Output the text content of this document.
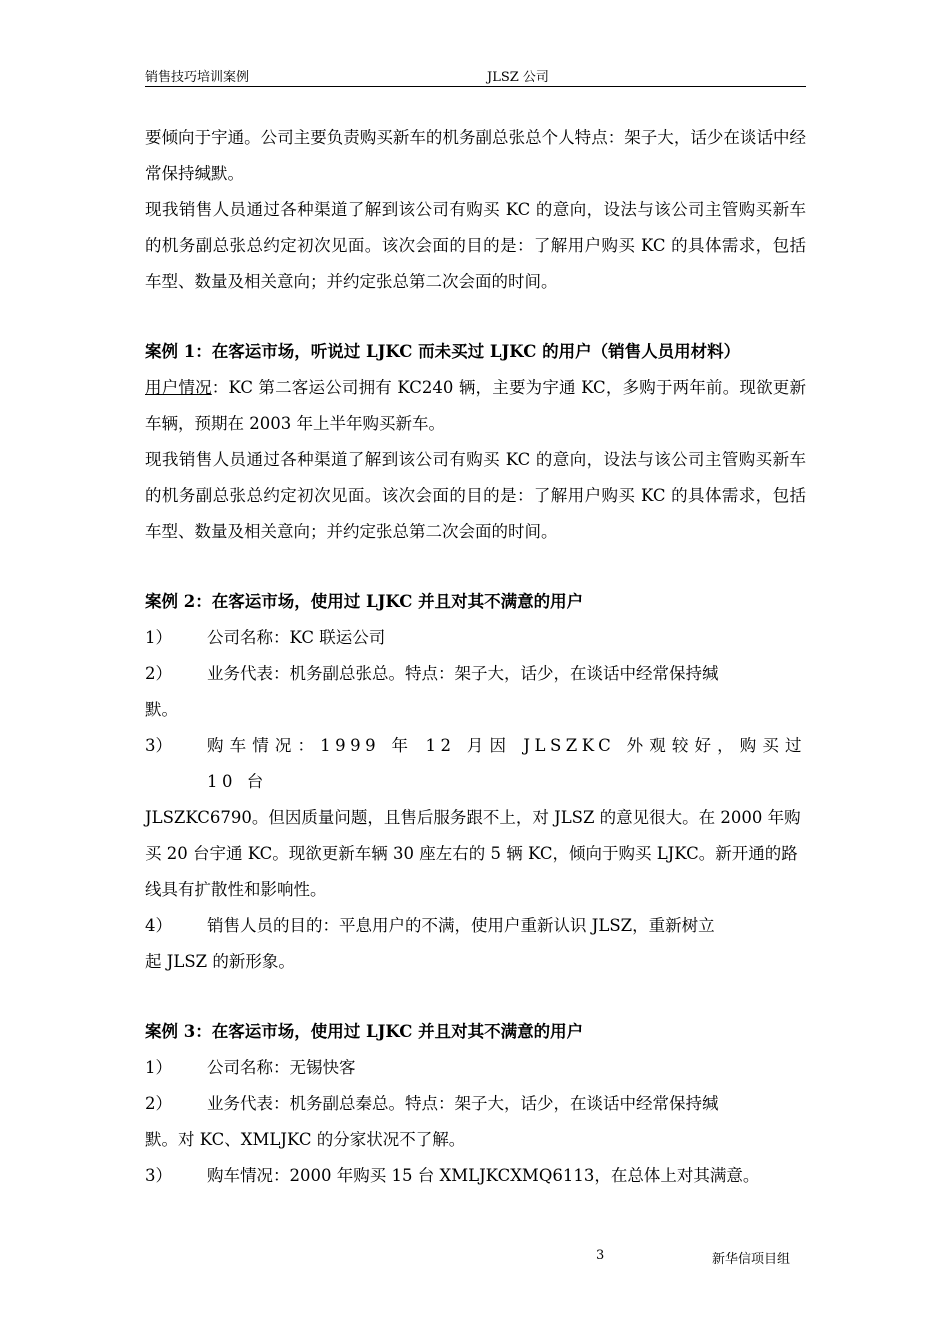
销售技巧培训案例	JLSZ 公司

要倾向于宇通。公司主要负责购买新车的机务副总张总个人特点：架子大，话少在谈话中经常保持缄默。

现我销售人员通过各种渠道了解到该公司有购买 KC 的意向，设法与该公司主管购买新车的机务副总张总约定初次见面。该次会面的目的是：了解用户购买 KC 的具体需求，包括车型、数量及相关意向；并约定张总第二次会面的时间。

案例 1：在客运市场，听说过 LJKC 而未买过 LJKC 的用户（销售人员用材料）

用户情况：KC 第二客运公司拥有 KC240 辆，主要为宇通 KC，多购于两年前。现欲更新车辆，预期在 2003 年上半年购买新车。

现我销售人员通过各种渠道了解到该公司有购买 KC 的意向，设法与该公司主管购买新车的机务副总张总约定初次见面。该次会面的目的是：了解用户购买 KC 的具体需求，包括车型、数量及相关意向；并约定张总第二次会面的时间。

案例 2：在客运市场，使用过 LJKC 并且对其不满意的用户

1）	公司名称：KC 联运公司
2）	业务代表：机务副总张总。特点：架子大，话少，在谈话中经常保持缄

默。

3）	购车情况：1999 年 12 月因 JLSZKC 外观较好，购买过 10 台

JLSZKC6790。但因质量问题，且售后服务跟不上，对 JLSZ 的意见很大。在 2000 年购买 20 台宇通 KC。现欲更新车辆 30 座左右的 5 辆 KC，倾向于购买 LJKC。新开通的路线具有扩散性和影响性。

4）	销售人员的目的：平息用户的不满，使用户重新认识 JLSZ，重新树立

起 JLSZ 的新形象。

案例 3：在客运市场，使用过 LJKC 并且对其不满意的用户

1）	公司名称：无锡快客
2）	业务代表：机务副总秦总。特点：架子大，话少，在谈话中经常保持缄

默。对 KC、XMLJKC 的分家状况不了解。

3）	购车情况：2000 年购买 15 台 XMLJKCXMQ6113，在总体上对其满意。
3	新华信项目组
